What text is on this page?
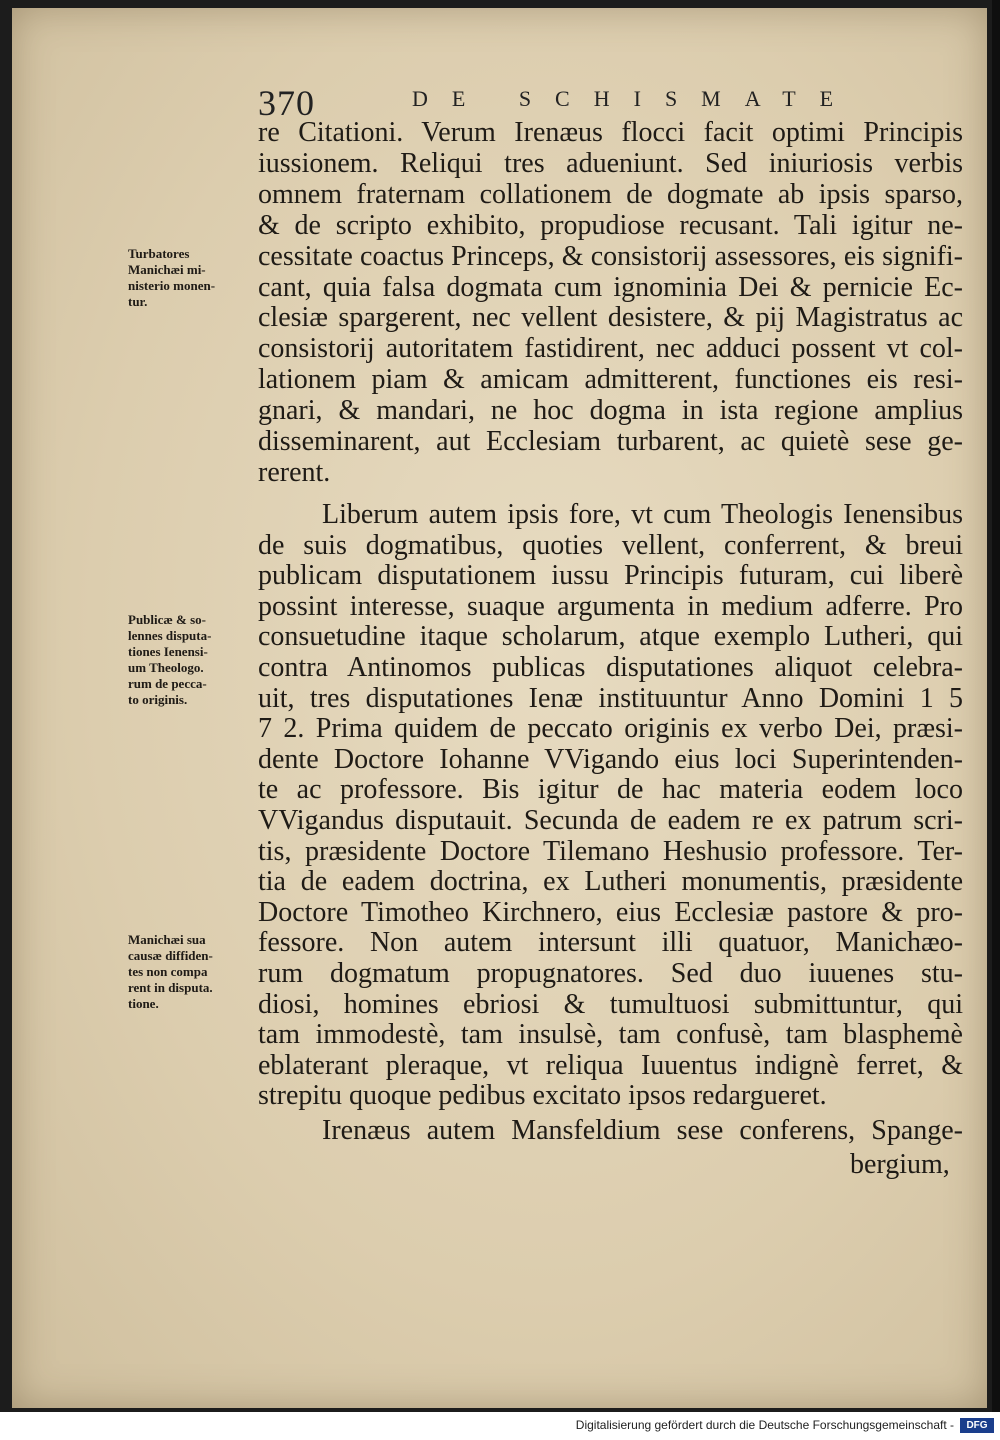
370	DE SCHISMATE
Turbatores
Manichæi mi-
nisterio monen-
tur.
Publicæ & so-
lennes disputa-
tiones Ienensi-
um Theologo.
rum de pecca-
to originis.
Manichæi sua
causæ diffiden-
tes non compa
rent in disputa.
tione.
re Citationi. Verum Irenæus flocci facit optimi Principis
iussionem. Reliqui tres adueniunt. Sed iniuriosis verbis
omnem fraternam collationem de dogmate ab ipsis sparso,
& de scripto exhibito, propudiose recusant. Tali igitur ne-
cessitate coactus Princeps, & consistorij assessores, eis signifi-
cant, quia falsa dogmata cum ignominia Dei & pernicie Ec-
clesiæ spargerent, nec vellent desistere, & pij Magistratus ac
consistorij autoritatem fastidirent, nec adduci possent vt col-
lationem piam & amicam admitterent, functiones eis resi-
gnari, & mandari, ne hoc dogma in ista regione amplius
disseminarent, aut Ecclesiam turbarent, ac quietè sese ge-
rerent.
Liberum autem ipsis fore, vt cum Theologis Ienensibus
de suis dogmatibus, quoties vellent, conferrent, & breui
publicam disputationem iussu Principis futuram, cui liberè
possint interesse, suaque argumenta in medium adferre. Pro
consuetudine itaque scholarum, atque exemplo Lutheri, qui
contra Antinomos publicas disputationes aliquot celebra-
uit, tres disputationes Ienæ instituuntur Anno Domini 1 5
7 2. Prima quidem de peccato originis ex verbo Dei, præsi-
dente Doctore Iohanne VVigando eius loci Superintenden-
te ac professore. Bis igitur de hac materia eodem loco
VVigandus disputauit. Secunda de eadem re ex patrum scri-
tis, præsidente Doctore Tilemano Heshusio professore. Ter-
tia de eadem doctrina, ex Lutheri monumentis, præsidente
Doctore Timotheo Kirchnero, eius Ecclesiæ pastore & pro-
fessore. Non autem intersunt illi quatuor, Manichæo-
rum dogmatum propugnatores. Sed duo iuuenes stu-
diosi, homines ebriosi & tumultuosi submittuntur, qui
tam immodestè, tam insulsè, tam confusè, tam blasphemè
eblaterant pleraque, vt reliqua Iuuentus indignè ferret, &
strepitu quoque pedibus excitato ipsos redargueret.
Irenæus autem Mansfeldium sese conferens, Spange-
bergium,
Digitalisierung gefördert durch die Deutsche Forschungsgemeinschaft -	DFG
